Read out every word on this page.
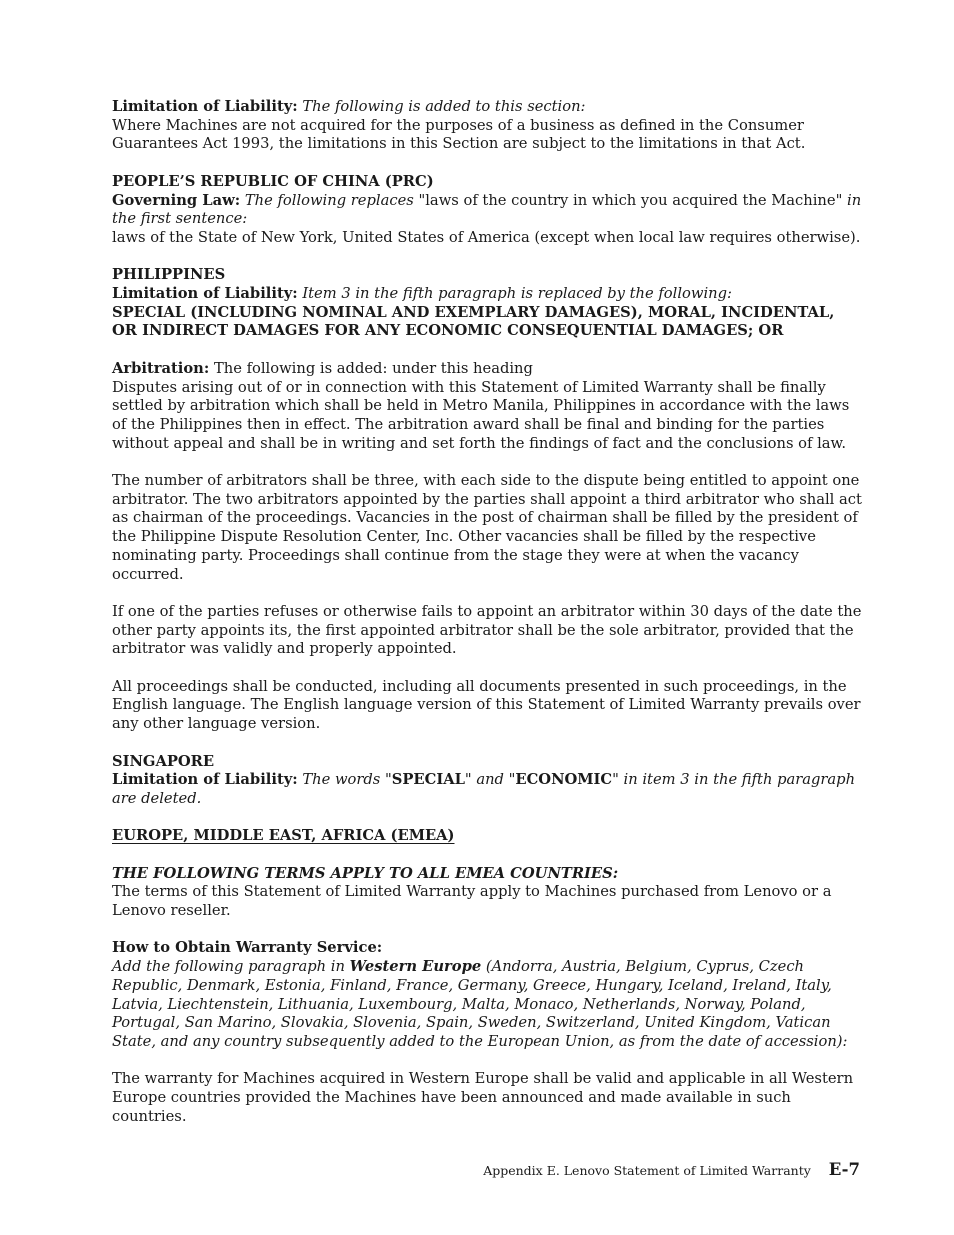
Limitation of Liability: The following is added to this section:

Where Machines are not acquired for the purposes of a business as defined in the Consumer Guarantees Act 1993, the limitations in this Section are subject to the limitations in that Act.

PEOPLE’S REPUBLIC OF CHINA (PRC)

Governing Law: The following replaces "laws of the country in which you acquired the Machine" in the first sentence:

laws of the State of New York, United States of America (except when local law requires otherwise).

PHILIPPINES

Limitation of Liability: Item 3 in the fifth paragraph is replaced by the following:

SPECIAL (INCLUDING NOMINAL AND EXEMPLARY DAMAGES), MORAL, INCIDENTAL, OR INDIRECT DAMAGES FOR ANY ECONOMIC CONSEQUENTIAL DAMAGES; OR

Arbitration: The following is added: under this heading

Disputes arising out of or in connection with this Statement of Limited Warranty shall be finally settled by arbitration which shall be held in Metro Manila, Philippines in accordance with the laws of the Philippines then in effect. The arbitration award shall be final and binding for the parties without appeal and shall be in writing and set forth the findings of fact and the conclusions of law.

The number of arbitrators shall be three, with each side to the dispute being entitled to appoint one arbitrator. The two arbitrators appointed by the parties shall appoint a third arbitrator who shall act as chairman of the proceedings. Vacancies in the post of chairman shall be filled by the president of the Philippine Dispute Resolution Center, Inc. Other vacancies shall be filled by the respective nominating party. Proceedings shall continue from the stage they were at when the vacancy occurred.

If one of the parties refuses or otherwise fails to appoint an arbitrator within 30 days of the date the other party appoints its, the first appointed arbitrator shall be the sole arbitrator, provided that the arbitrator was validly and properly appointed.

All proceedings shall be conducted, including all documents presented in such proceedings, in the English language. The English language version of this Statement of Limited Warranty prevails over any other language version.

SINGAPORE

Limitation of Liability: The words "SPECIAL" and "ECONOMIC" in item 3 in the fifth paragraph are deleted.

EUROPE, MIDDLE EAST, AFRICA (EMEA)

THE FOLLOWING TERMS APPLY TO ALL EMEA COUNTRIES:

The terms of this Statement of Limited Warranty apply to Machines purchased from Lenovo or a Lenovo reseller.

How to Obtain Warranty Service:

Add the following paragraph in Western Europe (Andorra, Austria, Belgium, Cyprus, Czech Republic, Denmark, Estonia, Finland, France, Germany, Greece, Hungary, Iceland, Ireland, Italy, Latvia, Liechtenstein, Lithuania, Luxembourg, Malta, Monaco, Netherlands, Norway, Poland, Portugal, San Marino, Slovakia, Slovenia, Spain, Sweden, Switzerland, United Kingdom, Vatican State, and any country subsequently added to the European Union, as from the date of accession):

The warranty for Machines acquired in Western Europe shall be valid and applicable in all Western Europe countries provided the Machines have been announced and made available in such countries.

Appendix E. Lenovo Statement of Limited Warranty E-7
